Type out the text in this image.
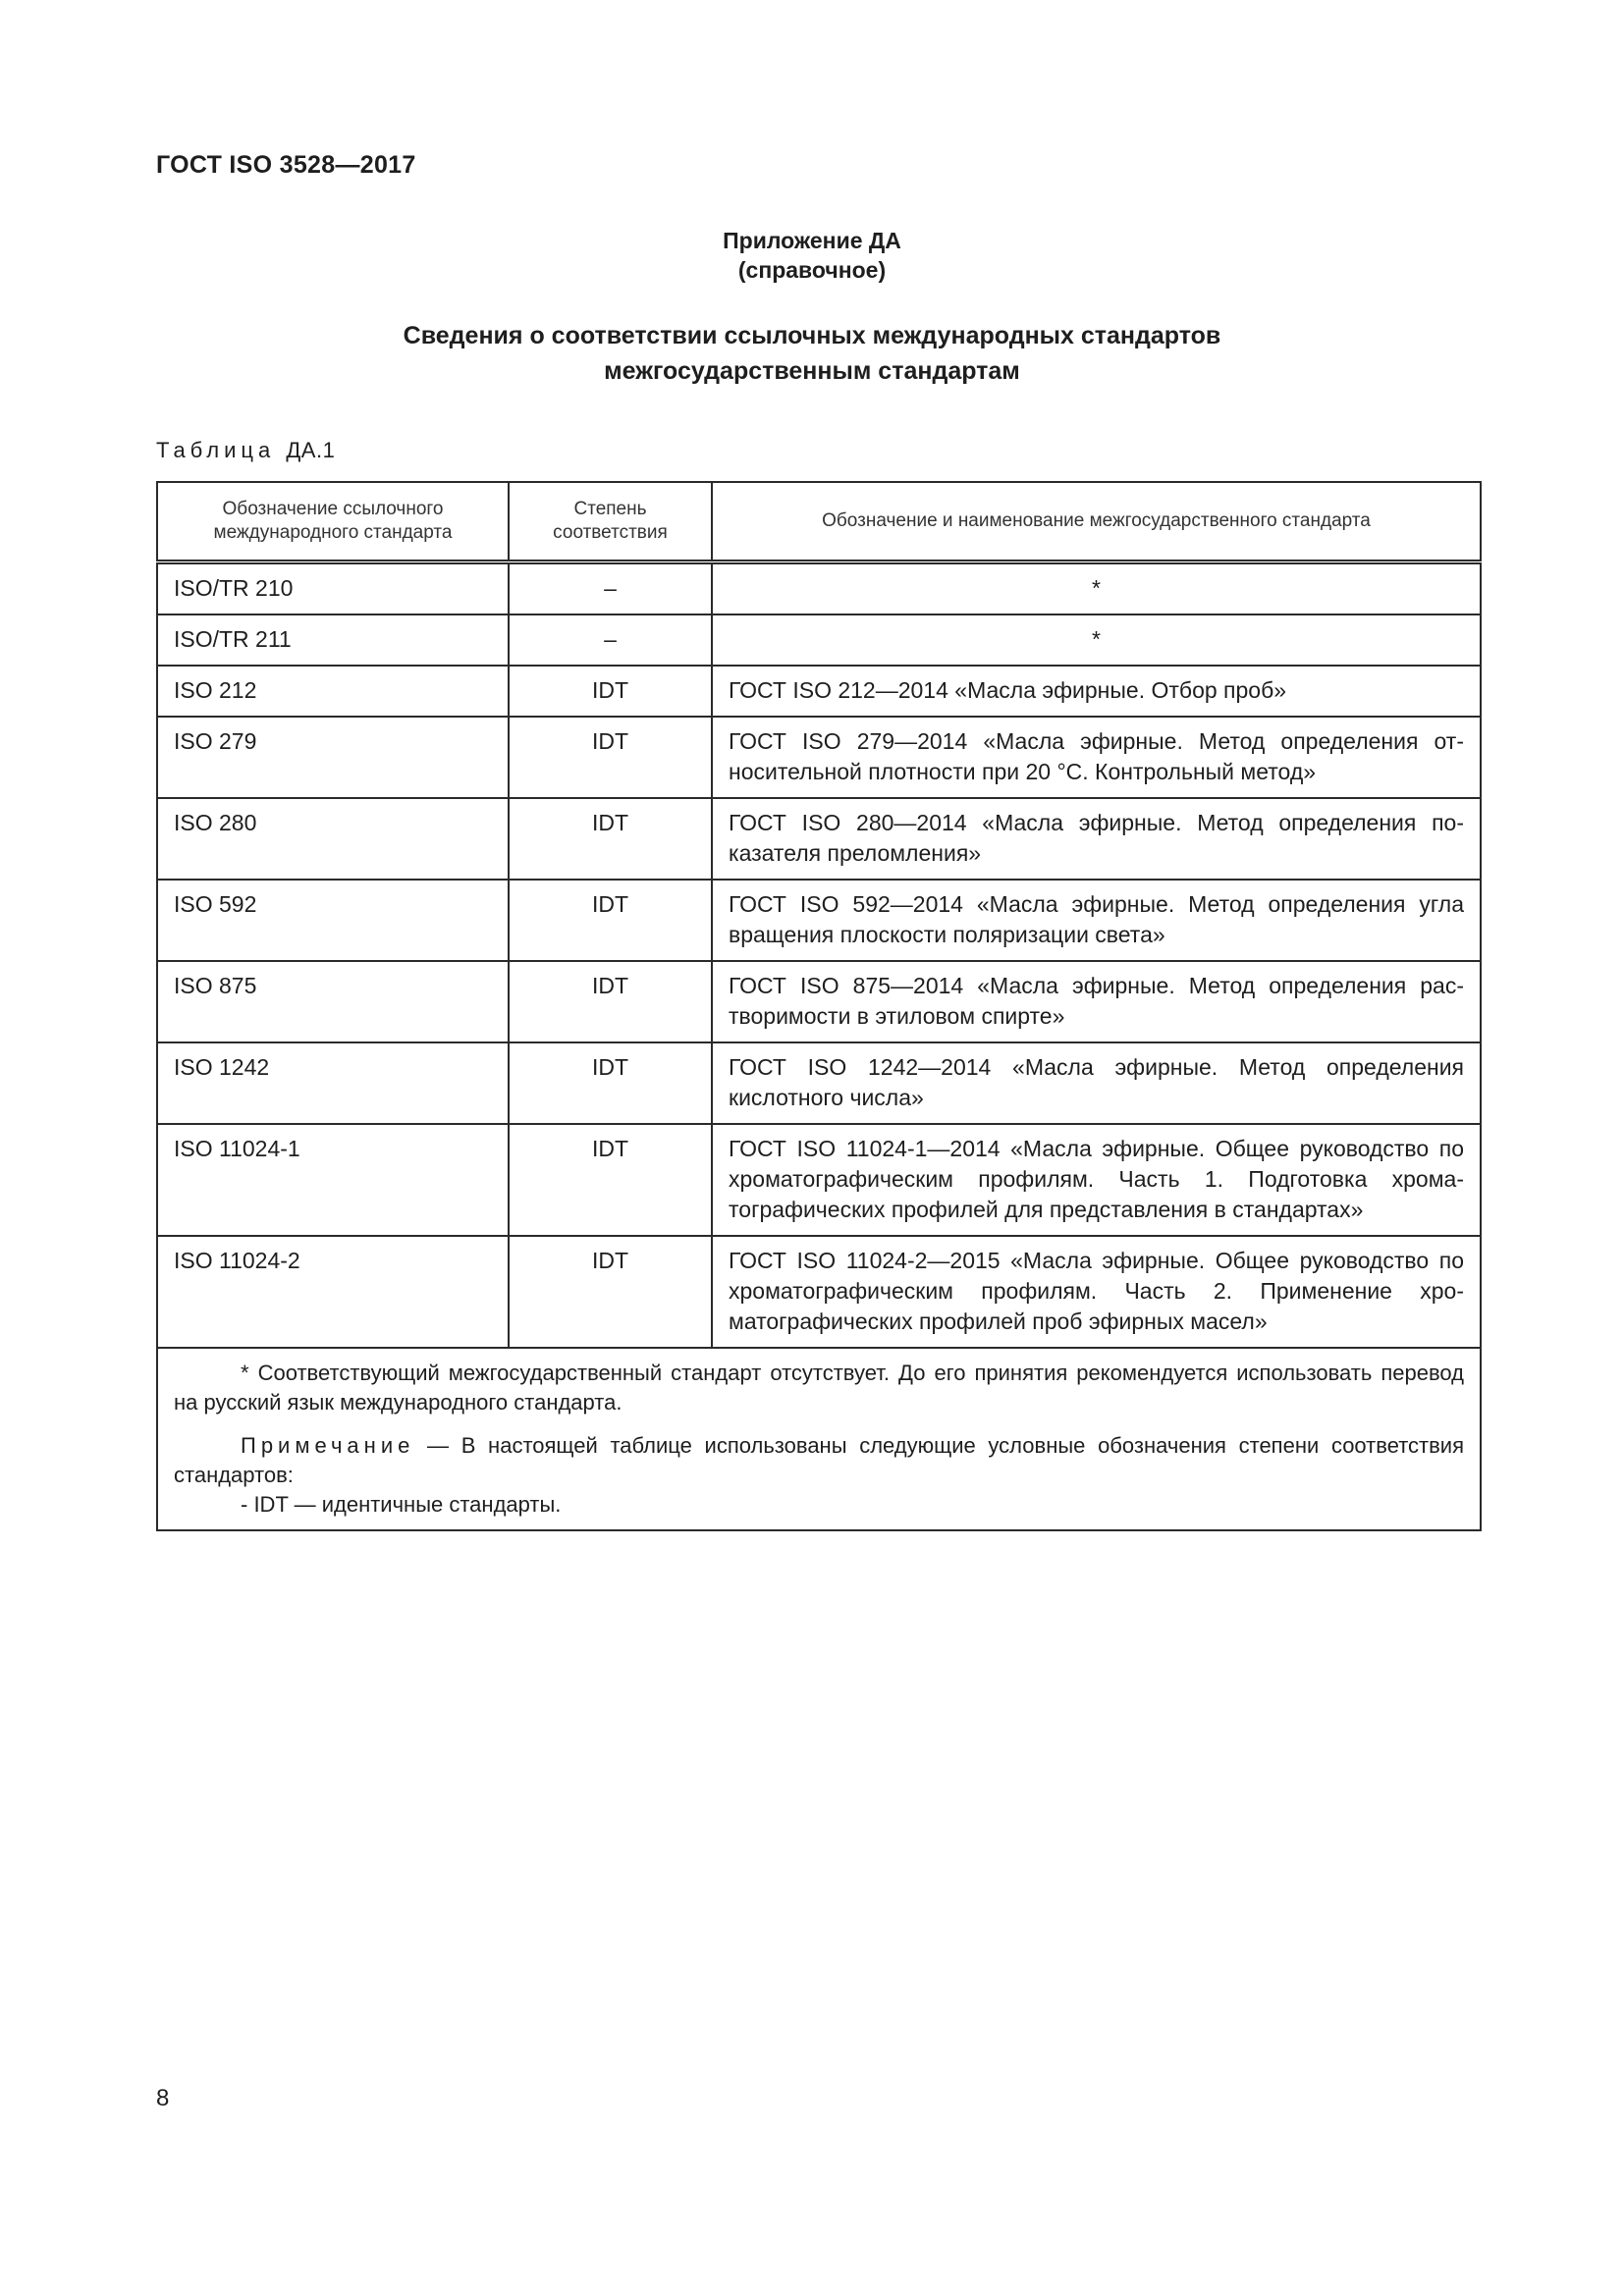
ГОСТ ISO 3528—2017
Приложение ДА
(справочное)
Сведения о соответствии ссылочных международных стандартов
межгосударственным стандартам
Таблица ДА.1
Обозначение ссылочного международного стандарта	Степень соответствия	Обозначение и наименование межгосударственного стандарта
ISO/TR 210	–	*
ISO/TR 211	–	*
ISO 212	IDT	ГОСТ ISO 212—2014 «Масла эфирные. Отбор проб»
ISO 279	IDT	ГОСТ ISO 279—2014 «Масла эфирные. Метод определения относительной плотности при 20 °С. Контрольный метод»
ISO 280	IDT	ГОСТ ISO 280—2014 «Масла эфирные. Метод определения показателя преломления»
ISO 592	IDT	ГОСТ ISO 592—2014 «Масла эфирные. Метод определения угла вращения плоскости поляризации света»
ISO 875	IDT	ГОСТ ISO 875—2014 «Масла эфирные. Метод определения растворимости в этиловом спирте»
ISO 1242	IDT	ГОСТ ISO 1242—2014 «Масла эфирные. Метод определения кислотного числа»
ISO 11024-1	IDT	ГОСТ ISO 11024-1—2014 «Масла эфирные. Общее руководство по хроматографическим профилям. Часть 1. Подготовка хроматографических профилей для представления в стандартах»
ISO 11024-2	IDT	ГОСТ ISO 11024-2—2015 «Масла эфирные. Общее руководство по хроматографическим профилям. Часть 2. Применение хроматографических профилей проб эфирных масел»

* Соответствующий межгосударственный стандарт отсутствует. До его принятия рекомендуется использовать перевод на русский язык международного стандарта.

Примечание — В настоящей таблице использованы следующие условные обозначения степени соответствия стандартов:

- IDT — идентичные стандарты.		

8
